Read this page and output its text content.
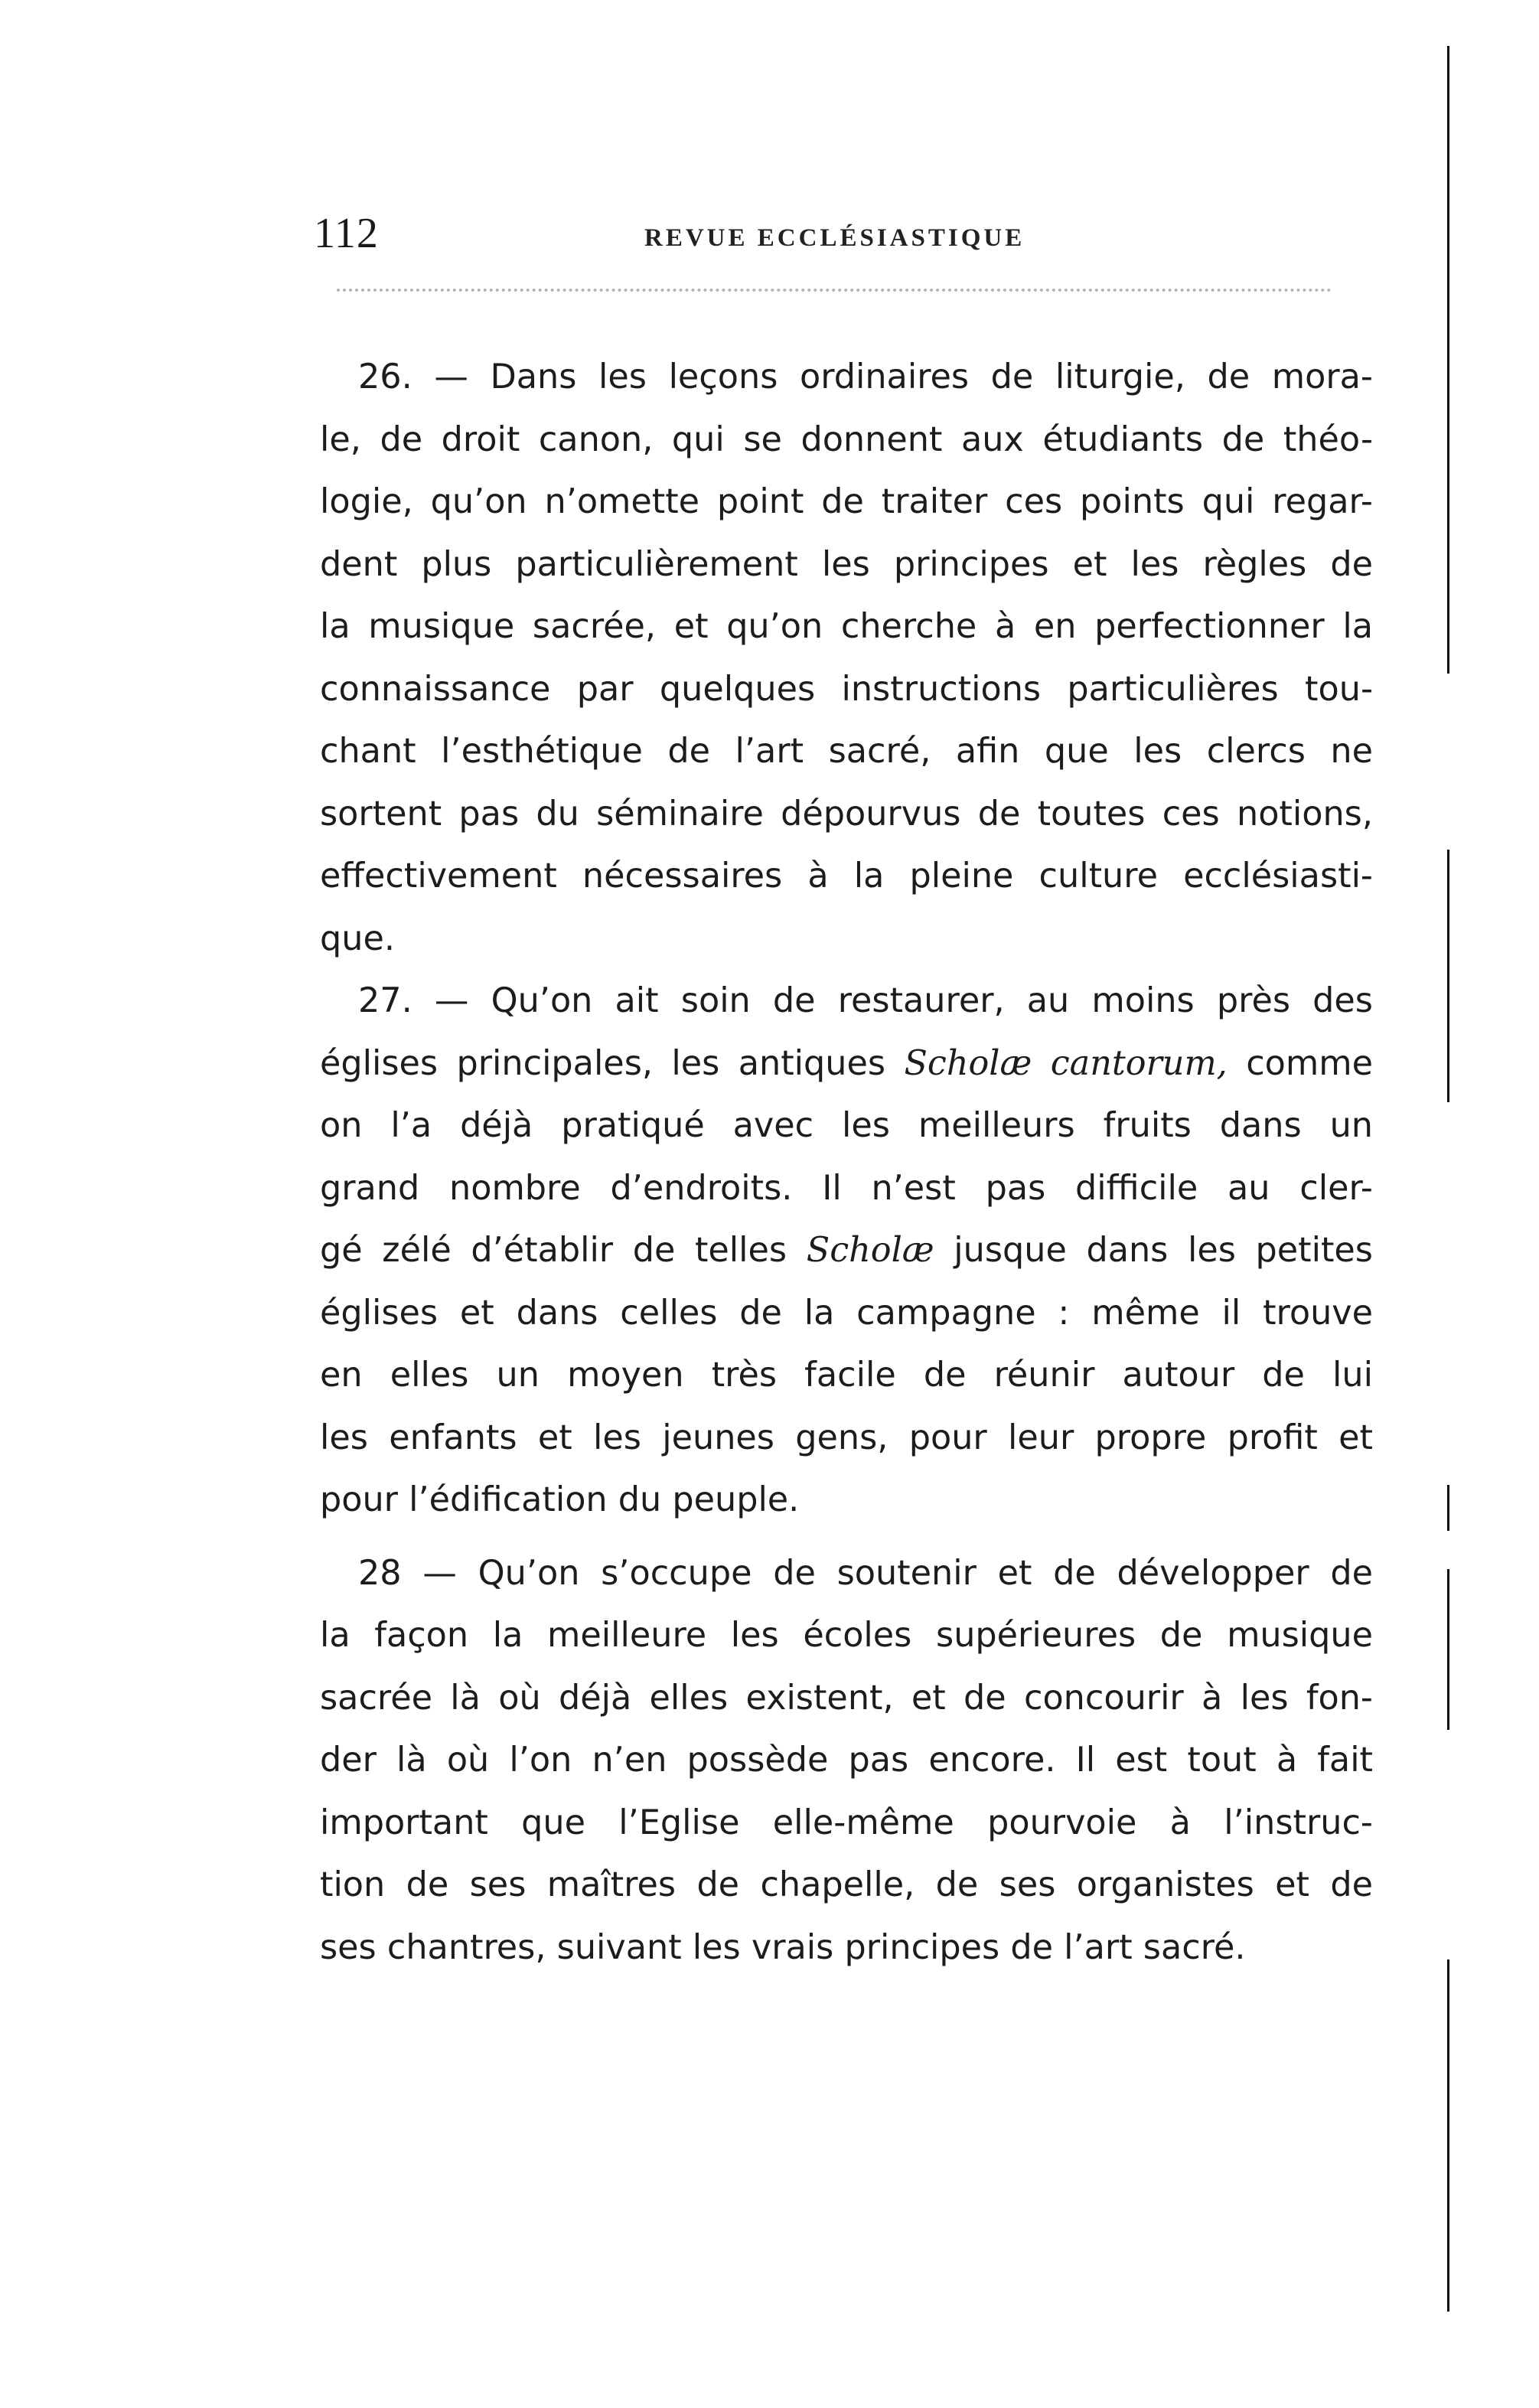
112	REVUE ECCLÉSIASTIQUE

26. — Dans les leçons ordinaires de liturgie, de mora-
le, de droit canon, qui se donnent aux étudiants de théo-
logie, qu’on n’omette point de traiter ces points qui regar-
dent plus particulièrement les principes et les règles de
la musique sacrée, et qu’on cherche à en perfectionner la
connaissance par quelques instructions particulières tou-
chant l’esthétique de l’art sacré, afin que les clercs ne
sortent pas du séminaire dépourvus de toutes ces notions,
effectivement nécessaires à la pleine culture ecclésiasti-
que.

27. — Qu’on ait soin de restaurer, au moins près des
églises principales, les antiques Scholæ cantorum, comme
on l’a déjà pratiqué avec les meilleurs fruits dans un
grand nombre d’endroits. Il n’est pas difficile au cler-
gé zélé d’établir de telles Scholæ jusque dans les petites
églises et dans celles de la campagne : même il trouve
en elles un moyen très facile de réunir autour de lui
les enfants et les jeunes gens, pour leur propre profit et
pour l’édification du peuple.

28 — Qu’on s’occupe de soutenir et de développer de
la façon la meilleure les écoles supérieures de musique
sacrée là où déjà elles existent, et de concourir à les fon-
der là où l’on n’en possède pas encore. Il est tout à fait
important que l’Eglise elle-même pourvoie à l’instruc-
tion de ses maîtres de chapelle, de ses organistes et de
ses chantres, suivant les vrais principes de l’art sacré.
